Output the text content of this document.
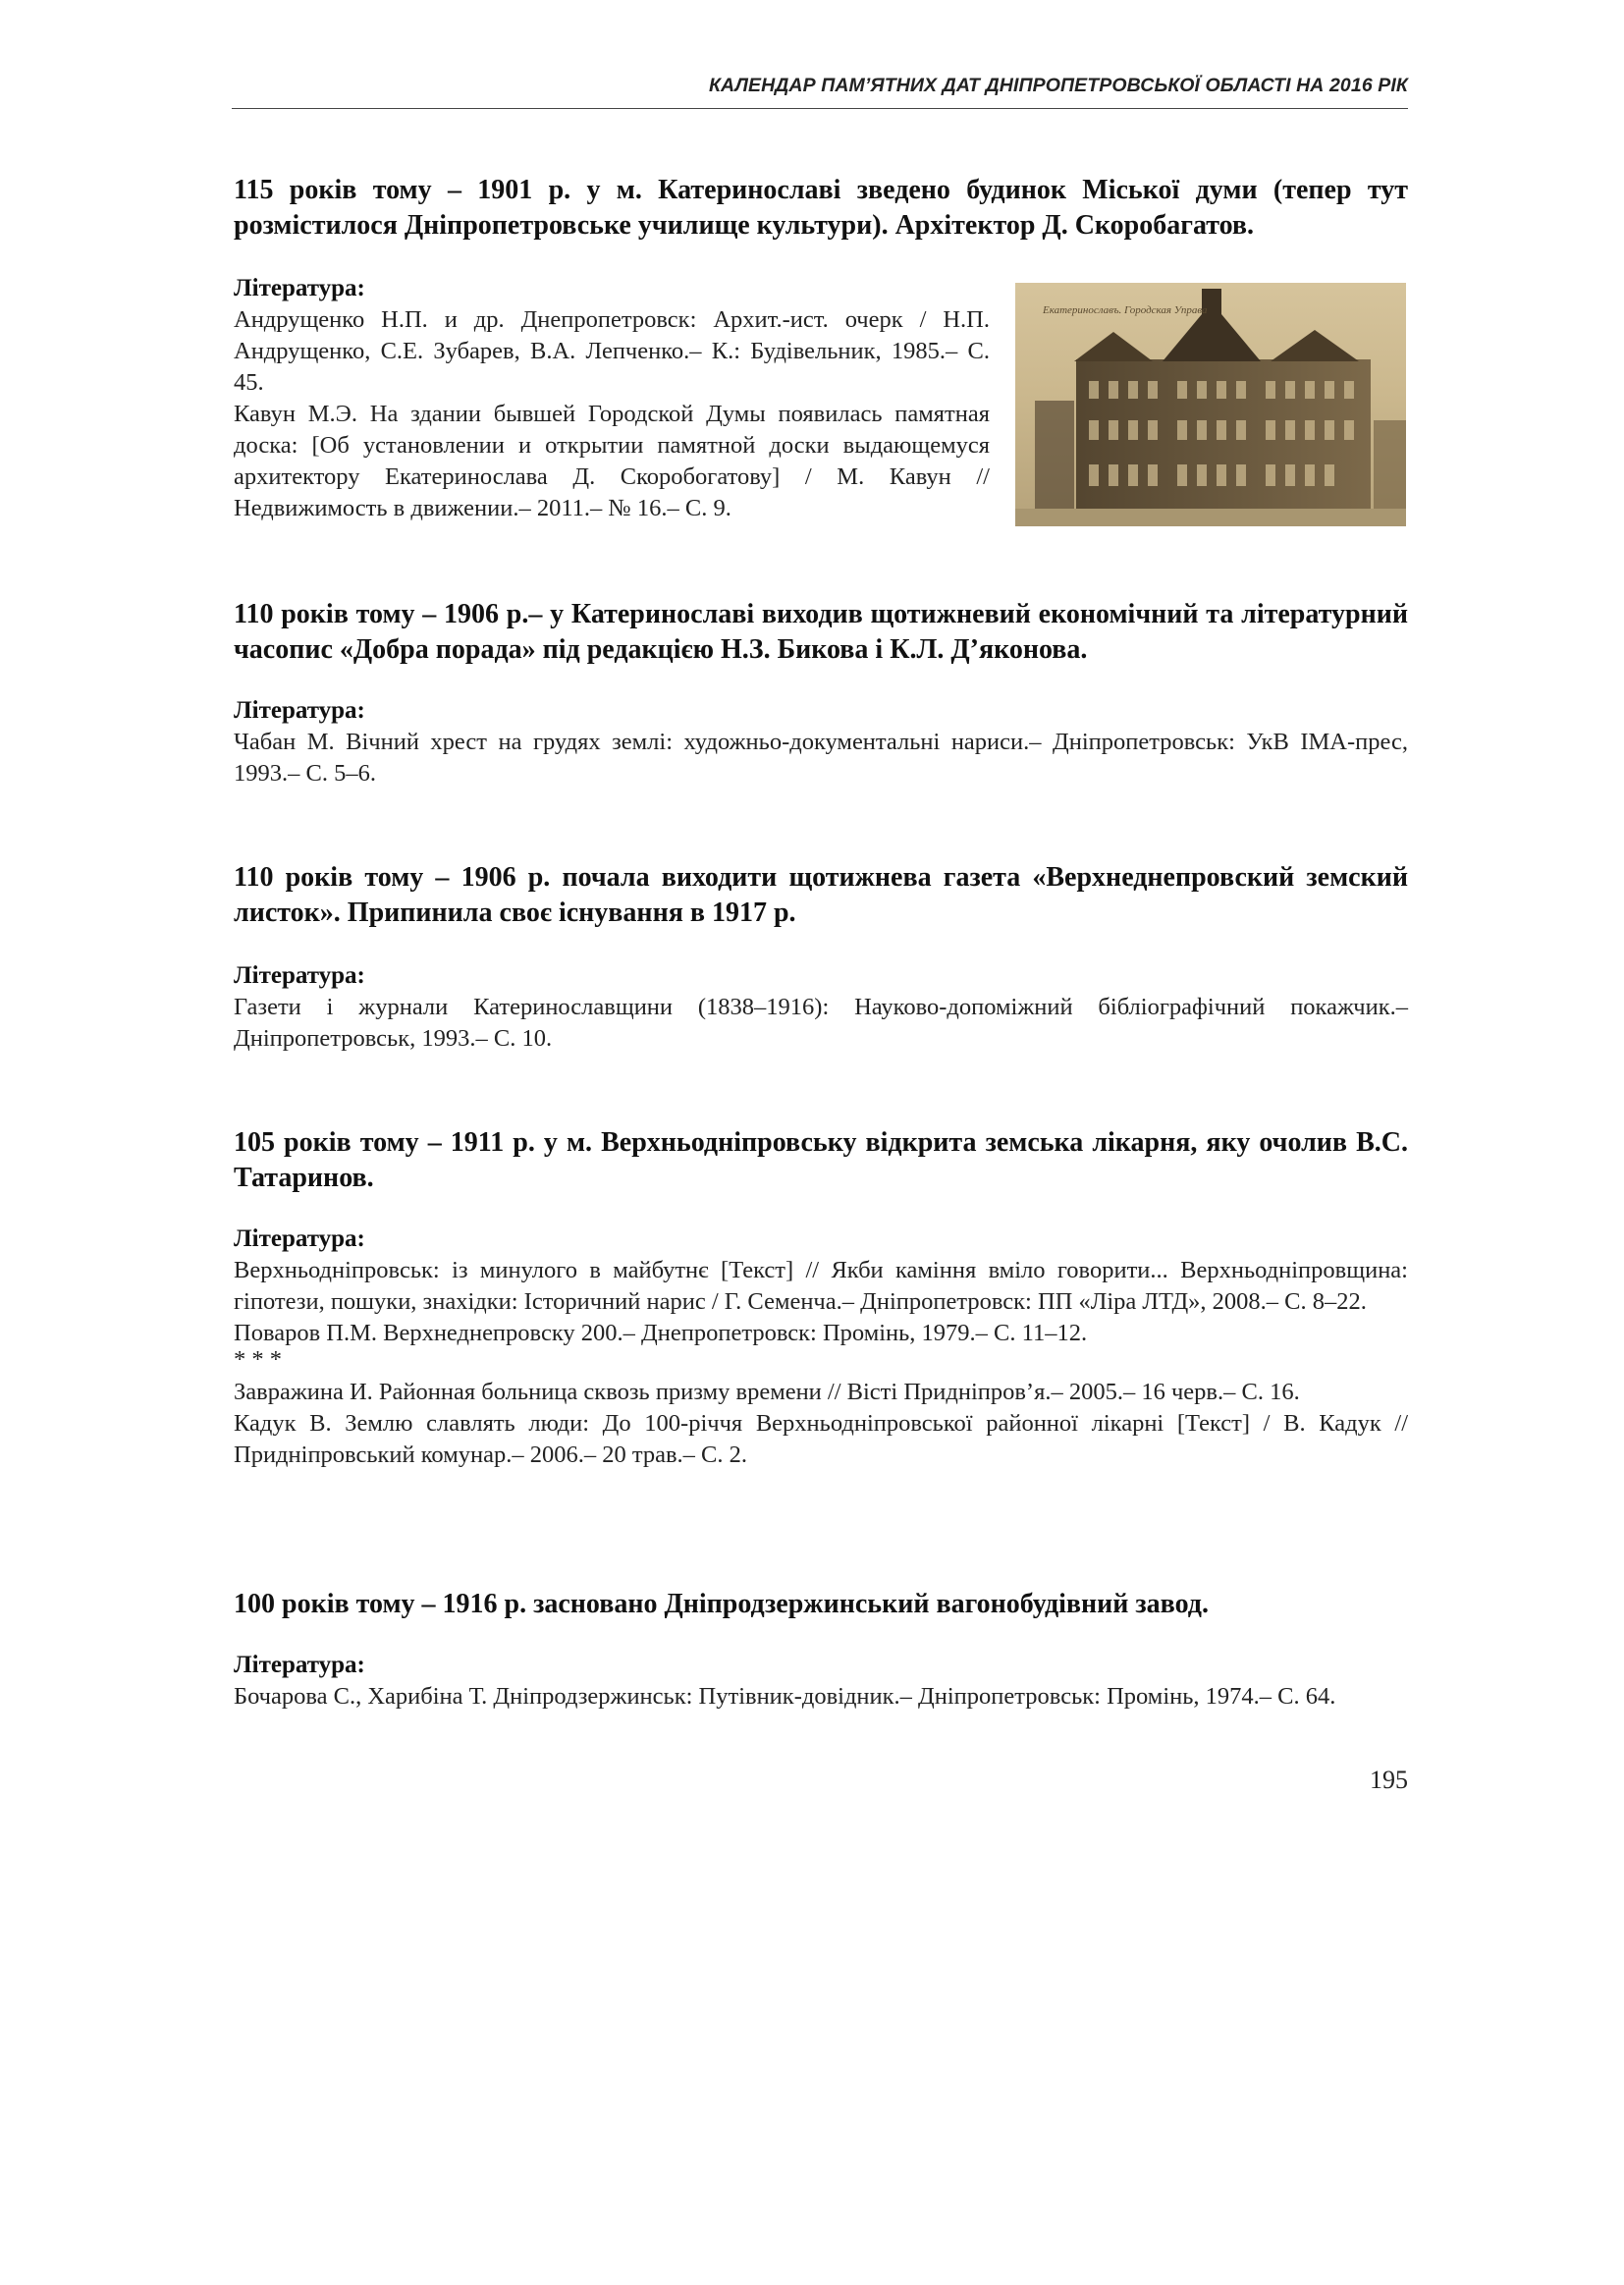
КАЛЕНДАР ПАМ’ЯТНИХ ДАТ ДНІПРОПЕТРОВСЬКОЇ ОБЛАСТІ НА 2016 РІК
115 років тому – 1901 р. у м. Катеринославі зведено будинок Міської думи (тепер тут розмістилося Дніпропетровське училище культури). Архітектор Д. Скоробагатов.
Література:

Андрущенко Н.П. и др. Днепропетровск: Архит.-ист. очерк / Н.П. Андрущенко, С.Е. Зубарев, В.А. Лепченко.– К.: Будівельник, 1985.– С. 45.

Кавун М.Э. На здании бывшей Городской Думы появилась памятная доска: [Об установлении и открытии памятной доски выдающемуся архитектору Екатеринослава Д. Скоробогатову] / М. Кавун // Недвижимость в движении.– 2011.– № 16.– С. 9.

Екатеринославъ. Городская Управа
110 років тому – 1906 р.– у Катеринославі виходив щотижневий економічний та літературний часопис «Добра порада» під редакцією Н.З. Бикова і К.Л. Д’яконова.
Література:

Чабан М. Вічний хрест на грудях землі: художньо-документальні нариси.– Дніпропетровськ: УкВ ІМА-прес, 1993.– С. 5–6.

110 років тому – 1906 р. почала виходити щотижнева газета «Верхнеднепровский земский листок». Припинила своє існування в 1917 р.
Література:

Газети і журнали Катеринославщини (1838–1916): Науково-допоміжний бібліографічний покажчик.– Дніпропетровськ, 1993.– С. 10.

105 років тому – 1911 р. у м. Верхньодніпровську відкрита земська лікарня, яку очолив В.С. Татаринов.
Література:

Верхньодніпровськ: із минулого в майбутнє [Текст] // Якби каміння вміло говорити... Верхньодніпровщина: гіпотези, пошуки, знахідки: Історичний нарис / Г. Семенча.– Дніпропетровск: ПП «Ліра ЛТД», 2008.– С. 8–22.

Поваров П.М. Верхнеднепровску 200.– Днепропетровск: Промінь, 1979.– С. 11–12.

* * *

Завражина И. Районная больница сквозь призму времени // Вісті Придніпров’я.– 2005.– 16 черв.– С. 16.

Кадук В. Землю славлять люди: До 100-річчя Верхньодніпровської районної лікарні [Текст] / В. Кадук // Придніпровський комунар.– 2006.– 20 трав.– С. 2.

100 років тому – 1916 р. засновано Дніпродзержинський вагонобудівний завод.
Література:

Бочарова С., Харибіна Т. Дніпродзержинськ: Путівник-довідник.– Дніпропетровськ: Промінь, 1974.– С. 64.

195
